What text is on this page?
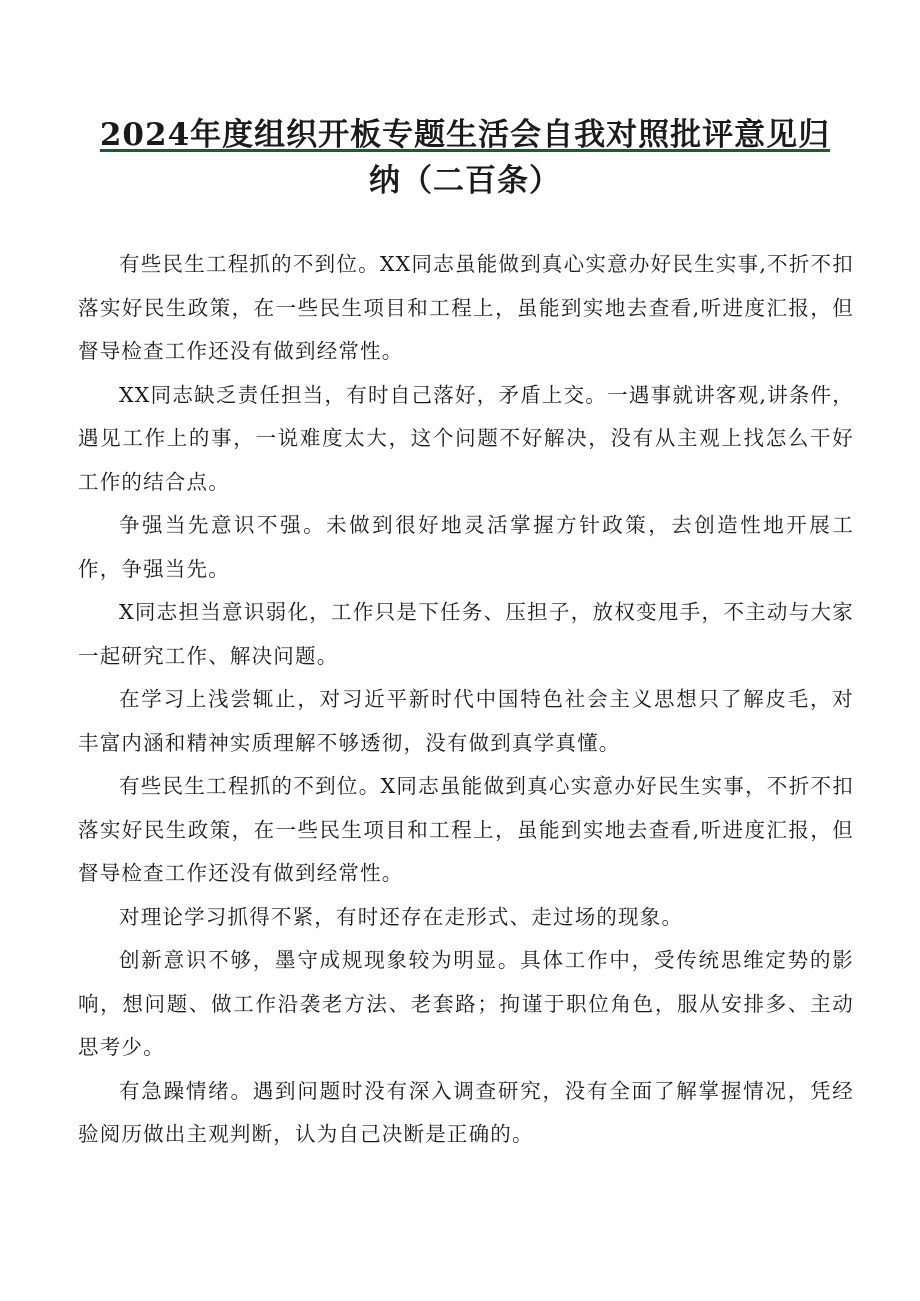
2024年度组织开板专题生活会自我对照批评意见归
纳（二百条）

有些民生工程抓的不到位。XX同志虽能做到真心实意办好民生实事,不折不扣落实好民生政策，在一些民生项目和工程上，虽能到实地去查看,听进度汇报，但督导检查工作还没有做到经常性。

XX同志缺乏责任担当，有时自己落好，矛盾上交。一遇事就讲客观,讲条件，遇见工作上的事，一说难度太大，这个问题不好解决，没有从主观上找怎么干好工作的结合点。

争强当先意识不强。未做到很好地灵活掌握方针政策，去创造性地开展工作，争强当先。

X同志担当意识弱化，工作只是下任务、压担子，放权变甩手，不主动与大家一起研究工作、解决问题。

在学习上浅尝辄止，对习近平新时代中国特色社会主义思想只了解皮毛，对丰富内涵和精神实质理解不够透彻，没有做到真学真懂。

有些民生工程抓的不到位。X同志虽能做到真心实意办好民生实事，不折不扣落实好民生政策，在一些民生项目和工程上，虽能到实地去查看,听进度汇报，但督导检查工作还没有做到经常性。

对理论学习抓得不紧，有时还存在走形式、走过场的现象。

创新意识不够，墨守成规现象较为明显。具体工作中，受传统思维定势的影响，想问题、做工作沿袭老方法、老套路；拘谨于职位角色，服从安排多、主动思考少。

有急躁情绪。遇到问题时没有深入调查研究，没有全面了解掌握情况，凭经验阅历做出主观判断，认为自己决断是正确的。
